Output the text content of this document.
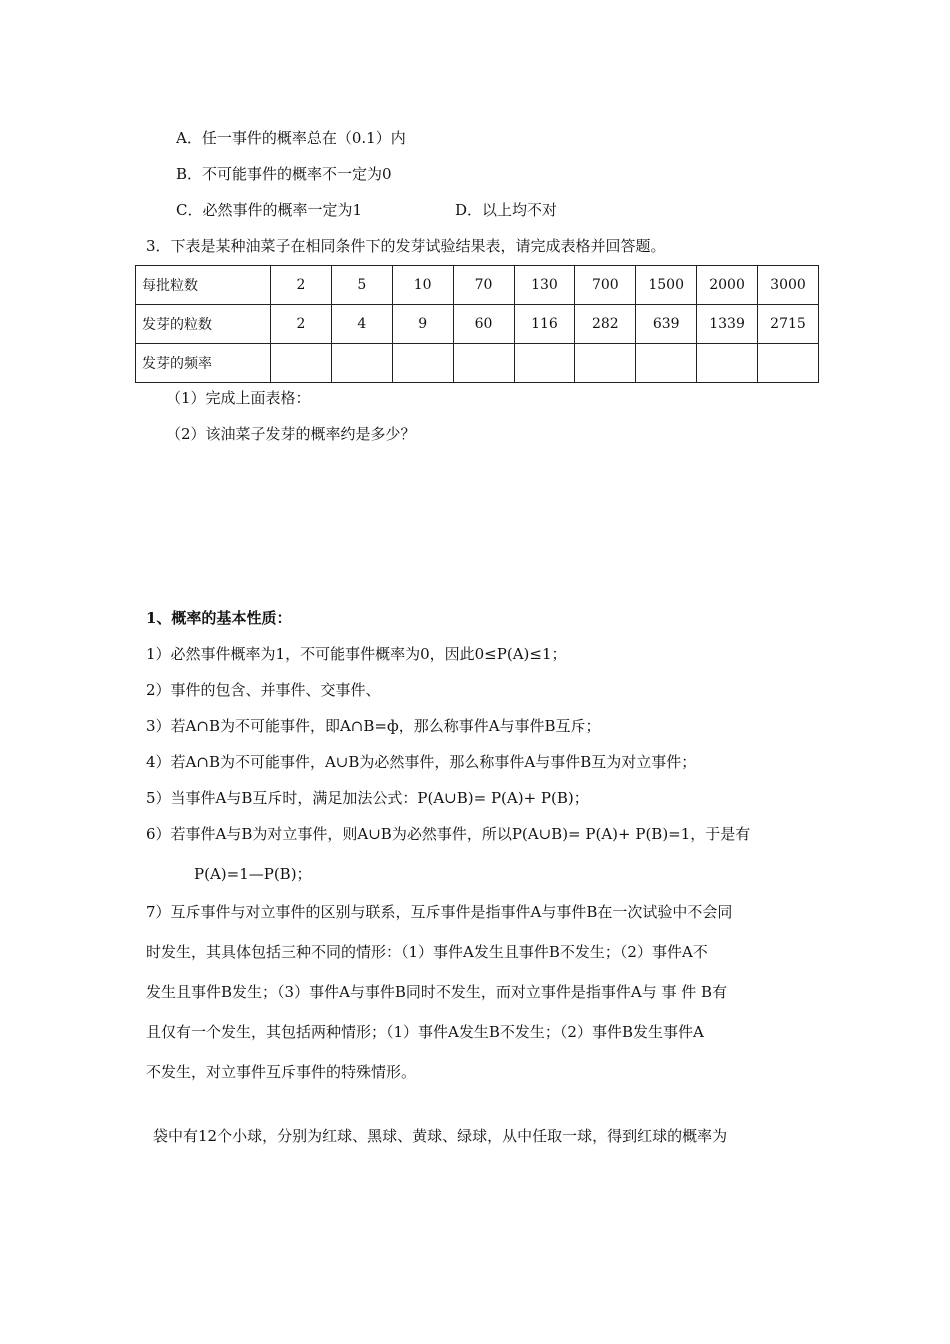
A．任一事件的概率总在（0.1）内
B．不可能事件的概率不一定为0
C．必然事件的概率一定为1	D．以上均不对
3．下表是某种油菜子在相同条件下的发芽试验结果表，请完成表格并回答题。
每批粒数	2	5	10	70	130	700	1500	2000	3000
发芽的粒数	2	4	9	60	116	282	639	1339	2715
发芽的频率									
（1）完成上面表格：
（2）该油菜子发芽的概率约是多少？
1、概率的基本性质：
1）必然事件概率为1，不可能事件概率为0，因此0≤P(A)≤1；
2）事件的包含、并事件、交事件、
3）若A∩B为不可能事件，即A∩B=ф，那么称事件A与事件B互斥；
4）若A∩B为不可能事件，A∪B为必然事件，那么称事件A与事件B互为对立事件；
5）当事件A与B互斥时，满足加法公式：P(A∪B)= P(A)+ P(B)；
6）若事件A与B为对立事件，则A∪B为必然事件，所以P(A∪B)= P(A)+ P(B)=1，于是有
P(A)=1—P(B)；
7）互斥事件与对立事件的区别与联系，互斥事件是指事件A与事件B在一次试验中不会同
时发生，其具体包括三种不同的情形：（1）事件A发生且事件B不发生；（2）事件A不
发生且事件B发生；（3）事件A与事件B同时不发生，而对立事件是指事件A与 事 件 B有
且仅有一个发生，其包括两种情形；（1）事件A发生B不发生；（2）事件B发生事件A
不发生，对立事件互斥事件的特殊情形。
袋中有12个小球，分别为红球、黑球、黄球、绿球，从中任取一球，得到红球的概率为
